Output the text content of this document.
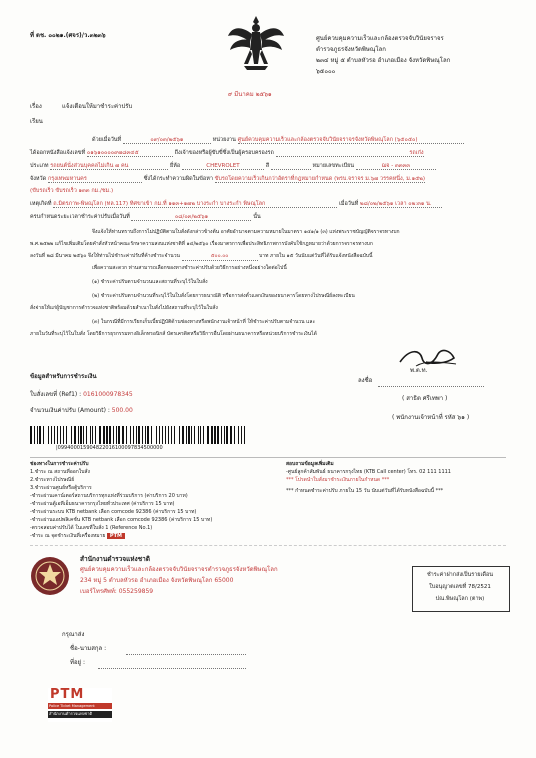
ที่ ตช. ๐๐๒๑.(ศจร)/ว.๓๒๓๖	ศูนย์ควบคุมความเร็วและกล้องตรวจจับวินัยจราจร
ตำรวจภูธรจังหวัดพิษณุโลก
๒๓๔ หมู่ ๕ ตำบลหัวรอ อำเภอเมือง จังหวัดพิษณุโลก
๖๕๐๐๐
๙ มีนาคม ๒๕๖๑
เรื่อง	แจ้งเตือนให้มาชำระค่าปรับ
เรียน
ด้วยเมื่อวันที่	๐๙/๐๓/๒๕๖๑	หน่วยงาน ศูนย์ควบคุมความเร็วและกล้องตรวจจับวินัยจราจรจังหวัดพิษณุโลก (๖๕๐๕๐)
ได้ออกหนังสือแจ้งเลขที่ ๐๑๖๑๐๐๐๐๙๗๘๓๔๕	ถึงเจ้าของหรือผู้ขับขี่ซึ่งเป็นผู้ครอบครองรถ	รถเก๋ง
ประเภท รถยนต์นั่งส่วนบุคคลไม่เกิน ๗ คน	ยี่ห้อ	CHEVROLET	สี	หมายเลขทะเบียน	ฌจ - ๓๓๓๓
จังหวัด กรุงเทพมหานคร	ซึ่งได้กระทำความผิดในข้อหา ขับรถโดยความเร็วเกินกว่าอัตราที่กฎหมายกำหนด (พรบ.จราจร ม.๖๗ วรรคหนึ่ง, ม.๑๕๒)
(ขับรถเร็ว ขับรถเร็ว ๑๓๓ กม./ชม.)
เหตุเกิดที่ ถ.มิตรภาพ-พิษณุโลก (ทล.117) ทิศขาเข้า กม.ที่ ๑๑๓+๑๗๒ บางระกำ บางระกำ พิษณุโลก	เมื่อวันที่ ๒๘/๐๒/๒๕๖๑ เวลา ๐๒:๓๑ น.
ครบกำหนดระยะเวลาชำระค่าปรับเมื่อวันที่	๐๘/๐๓/๒๕๖๑	นั้น
จึงแจ้งให้ท่านทราบถึงการไม่ปฏิบัติตามใบสั่งดังกล่าวข้างต้น อาศัยอำนาจตามความหมายในมาตรา ๑๔๑/๑ (๓) แห่งพระราชบัญญัติจราจรทางบก
พ.ศ.๒๕๒๒ แก้ไขเพิ่มเติมโดยคำสั่งหัวหน้าคณะรักษาความสงบแห่งชาติที่ ๑๔/๒๕๖๐ เรื่องมาตรการเพื่อประสิทธิภาพการบังคับใช้กฎหมายว่าด้วยการจราจรทางบก
ลงวันที่ ๒๘ มีนาคม ๒๕๖๐ จึงให้ท่านไปชำระค่าปรับที่ค้างชำระจำนวน	๕๐๐.๐๐	บาท ภายใน ๑๕ วันนับแต่วันที่ได้รับแจ้งหนังสือฉบับนี้
เพื่อความสะดวก ท่านสามารถเลือกของทางชำระค่าปรับด้วยวิธีการอย่างหนึ่งอย่างใดต่อไปนี้
(๑) ชำระค่าปรับตามจำนวนและสถานที่ระบุไว้ในใบสั่ง
(๒) ชำระค่าปรับตามจำนวนที่ระบุไว้ในใบสั่งโดยการธนาณัติ หรือการส่งตั๋วแลกเงินของธนาคารโดยทางไปรษณีย์ลงทะเบียน
สั่งจ่ายให้แก่ผู้บัญชาการตำรวจแห่งชาติพร้อมด้วยสำเนาใบสั่งไปยังสถานที่ระบุไว้ในใบสั่ง
(๓) ในกรณีที่มีการเรียกเก็บเบี้ยปฏิบัติด้านช่องทางหรือพนักงานเจ้าหน้าที่ ให้ชำระค่าปรับตามจำนวน และ
ภายในวันที่ระบุไว้ในใบสั่ง โดยวิธีการธุรกรรมทางอิเล็กทรอนิกส์ บัตรเครดิตหรือวิธีการอื่นโดยผ่านธนาคารหรือหน่วยบริการชำระเงินได้
ลงชื่อ
พ.ต.ท.
( สาธิต ศรีเทพา )
( พนักงานเจ้าหน้าที่ รหัส ๖๑ )
ข้อมูลสำหรับการชำระเงิน
ใบสั่งเลขที่ (Ref1) : 0161000978345
จำนวนเงินค่าปรับ (Amount) : 500.00
|099400015904822016100097834500000
ช่องทางในการชำระค่าปรับ
1.ชำระ ณ สถานที่ออกใบสั่ง
2.ชำระทางไปรษณีย์
3.ชำระผ่านศูนย์หรือตู้บริการ
-ชำระผ่านเคาน์เตอร์สถานบริการทุกแห่งที่ร่วมบริการ (ค่าบริการ 20 บาท)
-ชำระผ่านตู้เอทีเอ็มธนาคารกรุงไทยทั่วประเทศ (ค่าบริการ 15 บาท)
-ชำระผ่านระบบ KTB netbank เลือก comcode 92386 (ค่าบริการ 15 บาท)
-ชำระผ่านแอปพลิเคชั่น KTB netbank เลือก comcode 92386 (ค่าบริการ 15 บาท)
-ตรวจสอบค่าปรับได้ ในเลขที่ใบสั่ง 1 (Reference No.1)
-ชำระ ณ จุดชำระเงินที่เครื่องหมาย PTM
สอบถามข้อมูลเพิ่มเติม
-ศูนย์ลูกค้าสัมพันธ์ ธนาคารกรุงไทย (KTB Call center) โทร. 02 111 1111
*** โปรดนำใบสั่งมาชำระเงินภายในกำหนด ***
*** กำหนดชำระค่าปรับ ภายใน 15 วัน นับแต่วันที่ได้รับหนังสือฉบับนี้ ***
สำนักงานตำรวจแห่งชาติ
ศูนย์ควบคุมความเร็วและกล้องตรวจจับวินัยจราจรตำรวจภูธรจังหวัดพิษณุโลก
234 หมู่ 5 ตำบลหัวรอ อำเภอเมือง จังหวัดพิษณุโลก 65000
เบอร์โทรศัพท์: 055259859
ชำระค่าฝากส่งเป็นรายเดือน
ใบอนุญาตเลขที่ 78/2521
ปณ.พิษณุโลก (ตาพ)
กรุณาส่ง
ชื่อ-นามสกุล :
ที่อยู่ :
PTM
Police Ticket Management
สำนักงานตำรวจแห่งชาติ
